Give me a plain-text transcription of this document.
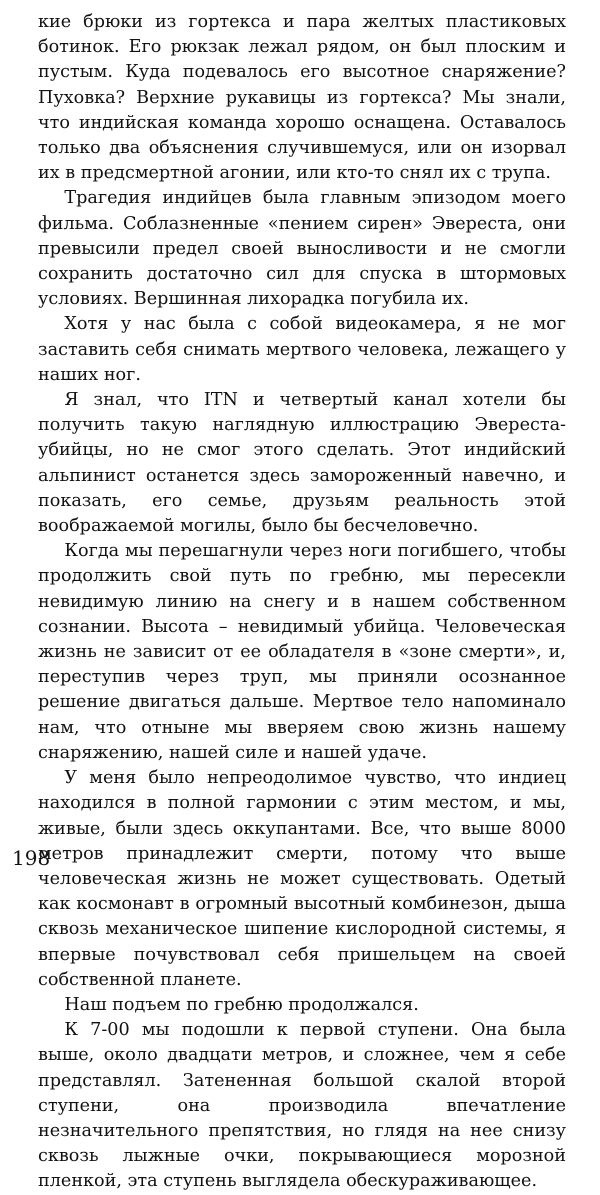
кие брюки из гортекса и пара желтых пластиковых ботинок. Его рюкзак лежал рядом, он был плоским и пустым. Куда подевалось его высотное снаряжение? Пуховка? Верхние рукавицы из гортекса? Мы знали, что индийская команда хорошо оснащена. Оставалось только два объяснения случившемуся, или он изорвал их в предсмертной агонии, или кто-то снял их с трупа.

Трагедия индийцев была главным эпизодом моего фильма. Соблазненные «пением сирен» Эвереста, они превысили предел своей выносливости и не смогли сохранить достаточно сил для спуска в штормовых условиях. Вершинная лихорадка погубила их.

Хотя у нас была с собой видеокамера, я не мог заставить себя снимать мертвого человека, лежащего у наших ног.

Я знал, что ITN и четвертый канал хотели бы получить такую наглядную иллюстрацию Эвереста-убийцы, но не смог этого сделать. Этот индийский альпинист останется здесь замороженный навечно, и показать, его семье, друзьям реальность этой воображаемой могилы, было бы бесчеловечно.

Когда мы перешагнули через ноги погибшего, чтобы продолжить свой путь по гребню, мы пересекли невидимую линию на снегу и в нашем собственном сознании. Высота – невидимый убийца. Человеческая жизнь не зависит от ее обладателя в «зоне смерти», и, переступив через труп, мы приняли осознанное решение двигаться дальше. Мертвое тело напоминало нам, что отныне мы вверяем свою жизнь нашему снаряжению, нашей силе и нашей удаче.

У меня было непреодолимое чувство, что индиец находился в полной гармонии с этим местом, и мы, живые, были здесь оккупантами. Все, что выше 8000 метров принадлежит смерти, потому что выше человеческая жизнь не может существовать. Одетый как космонавт в огромный высотный комбинезон, дыша сквозь механическое шипение кислородной системы, я впервые почувствовал себя пришельцем на своей собственной планете.

Наш подъем по гребню продолжался.

К 7-00 мы подошли к первой ступени. Она была выше, около двадцати метров, и сложнее, чем я себе представлял. Затененная большой скалой второй ступени, она производила впечатление незначительного препятствия, но глядя на нее снизу сквозь лыжные очки, покрывающиеся морозной пленкой, эта ступень выглядела обескураживающее.

198
